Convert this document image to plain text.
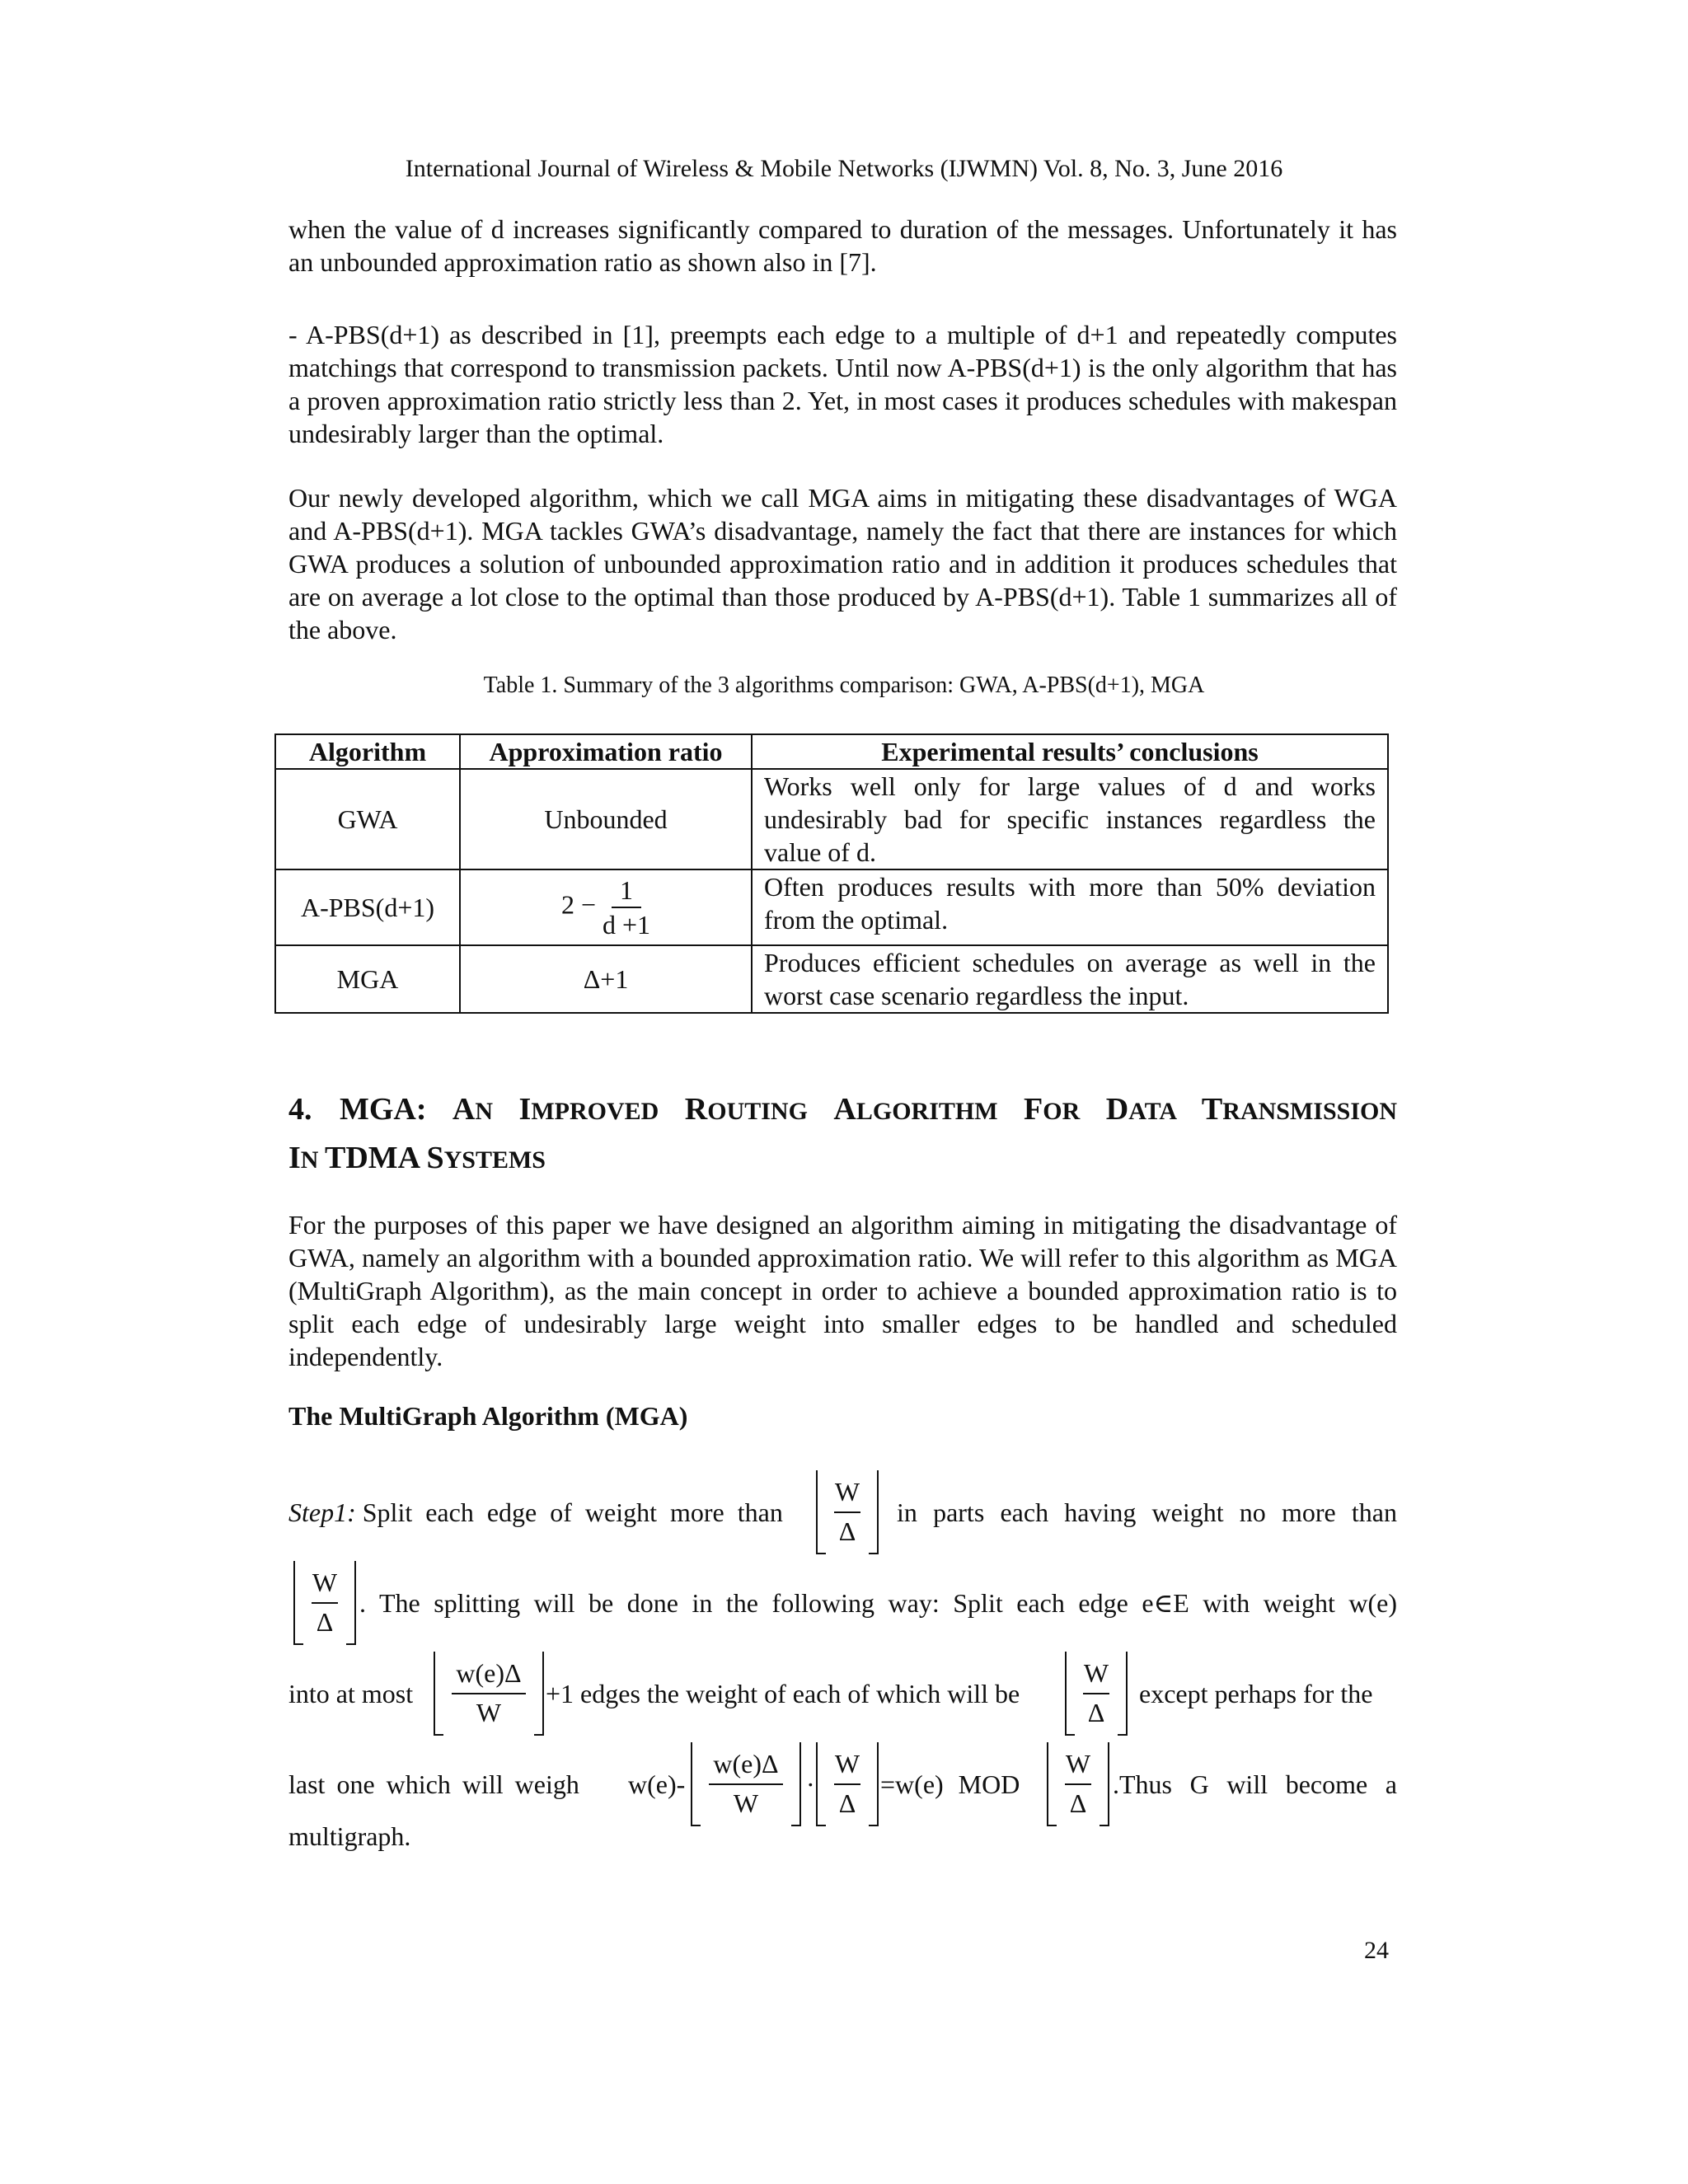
International Journal of Wireless & Mobile Networks (IJWMN) Vol. 8, No. 3, June 2016
when the value of d increases significantly compared to duration of the messages. Unfortunately it has an unbounded approximation ratio as shown also in [7].
- A-PBS(d+1) as described in [1], preempts each edge to a multiple of d+1 and repeatedly computes matchings that correspond to transmission packets. Until now A-PBS(d+1) is the only algorithm that has a proven approximation ratio strictly less than 2. Yet, in most cases it produces schedules with makespan undesirably larger than the optimal.
Our newly developed algorithm, which we call MGA aims in mitigating these disadvantages of WGA and A-PBS(d+1). MGA tackles GWA’s disadvantage, namely the fact that there are instances for which GWA produces a solution of unbounded approximation ratio and in addition it produces schedules that are on average a lot close to the optimal than those produced by A-PBS(d+1). Table 1 summarizes all of the above.
Table 1. Summary of the 3 algorithms comparison: GWA, A-PBS(d+1), MGA
Algorithm	Approximation ratio	Experimental results’ conclusions
GWA	Unbounded	Works well only for large values of d and works undesirably bad for specific instances regardless the value of d.
A-PBS(d+1)	$2 - \frac{1}{d +1}$	Often produces results with more than 50% deviation from the optimal.
MGA	Δ+1	Produces efficient schedules on average as well in the worst case scenario regardless the input.
4. MGA: AN IMPROVED ROUTING ALGORITHM FOR DATA TRANSMISSION
IN TDMA SYSTEMS
For the purposes of this paper we have designed an algorithm aiming in mitigating the disadvantage of GWA, namely an algorithm with a bounded approximation ratio. We will refer to this algorithm as MGA (MultiGraph Algorithm), as the main concept in order to achieve a bounded approximation ratio is to split each edge of undesirably large weight into smaller edges to be handled and scheduled independently.
The MultiGraph Algorithm (MGA)
Step1:
Split each edge of weight more than
W
Δ
in parts each having weight no more than
W
Δ
. The splitting will be done in the following way: Split each edge e∈E with weight w(e)
into at most
w(e)Δ
W
+1 edges the weight of each of which will be
W
Δ
except perhaps for the
last one which will weigh w(e)-
w(e)Δ
W
·
W
Δ
=w(e) MOD
W
Δ
.Thus G will become a
multigraph.
24
